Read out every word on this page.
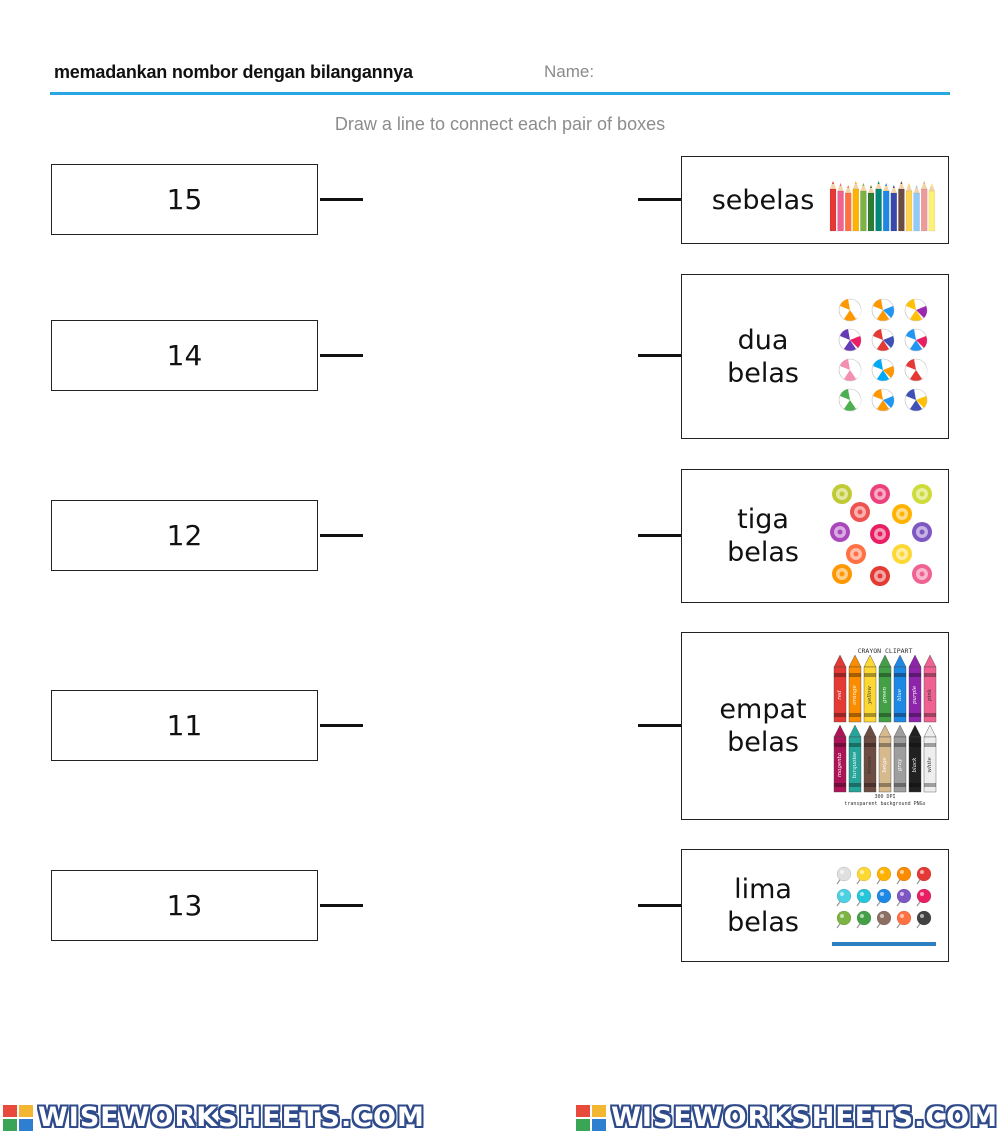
memadankan nombor dengan bilangannya	Name:
Draw a line to connect each pair of boxes
15
14
12
11
13
sebelas
dua belas
tiga belas
empat belas
CRAYON CLIPART
red orange yellow green blue purple pink
magenta turquoise brown beige gray black white
300 DPI
transparent background PNGs
lima belas
WISEWORKSHEETS.COM	WISEWORKSHEETS.COM
